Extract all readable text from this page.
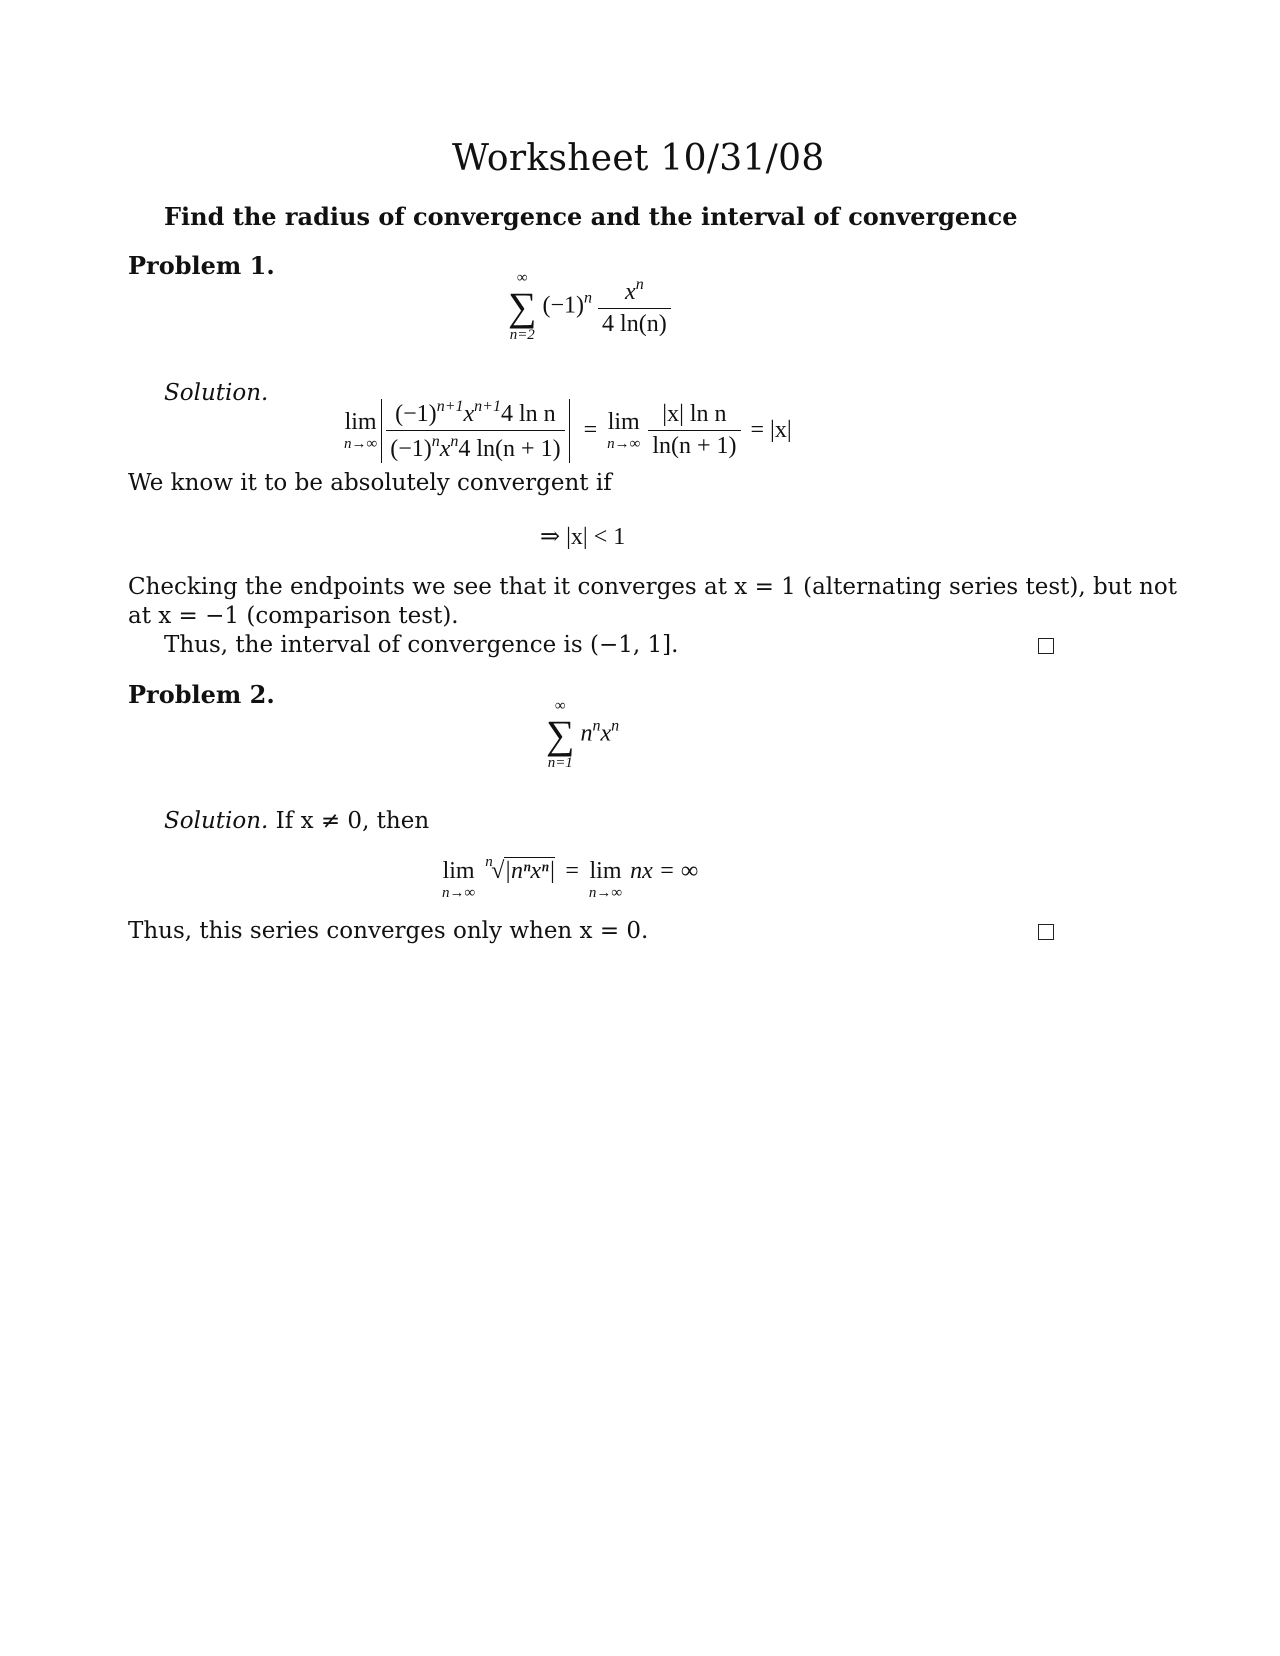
Worksheet 10/31/08
Find the radius of convergence and the interval of convergence
Problem 1.	∞
∑
n=2
$(-1)^n \frac{x^n}{4 \ln(n)}$
Solution.
lim
$n\to\infty \frac{(-1)^{n+1}x^{n+1}4 \ln n}{(-1)^nx^n4 \ln(n + 1)} = \lim$
$n\to\infty \frac{\text{|x| ln n}}{\ln(n + 1)} = |x|$
We know it to be absolutely convergent if
⇒ |x| < 1
Checking the endpoints we see that it converges at x = 1 (alternating series test), but not
at x = −1 (comparison test).
Thus, the interval of convergence is (−1, 1].
Problem 2.	∞
∑
n=1
$n^nx^n$
Solution. If x ≠ 0, then
lim
n→∞
n
√|nⁿxⁿ| = lim
n→∞
nx = ∞
Thus, this series converges only when x = 0.
